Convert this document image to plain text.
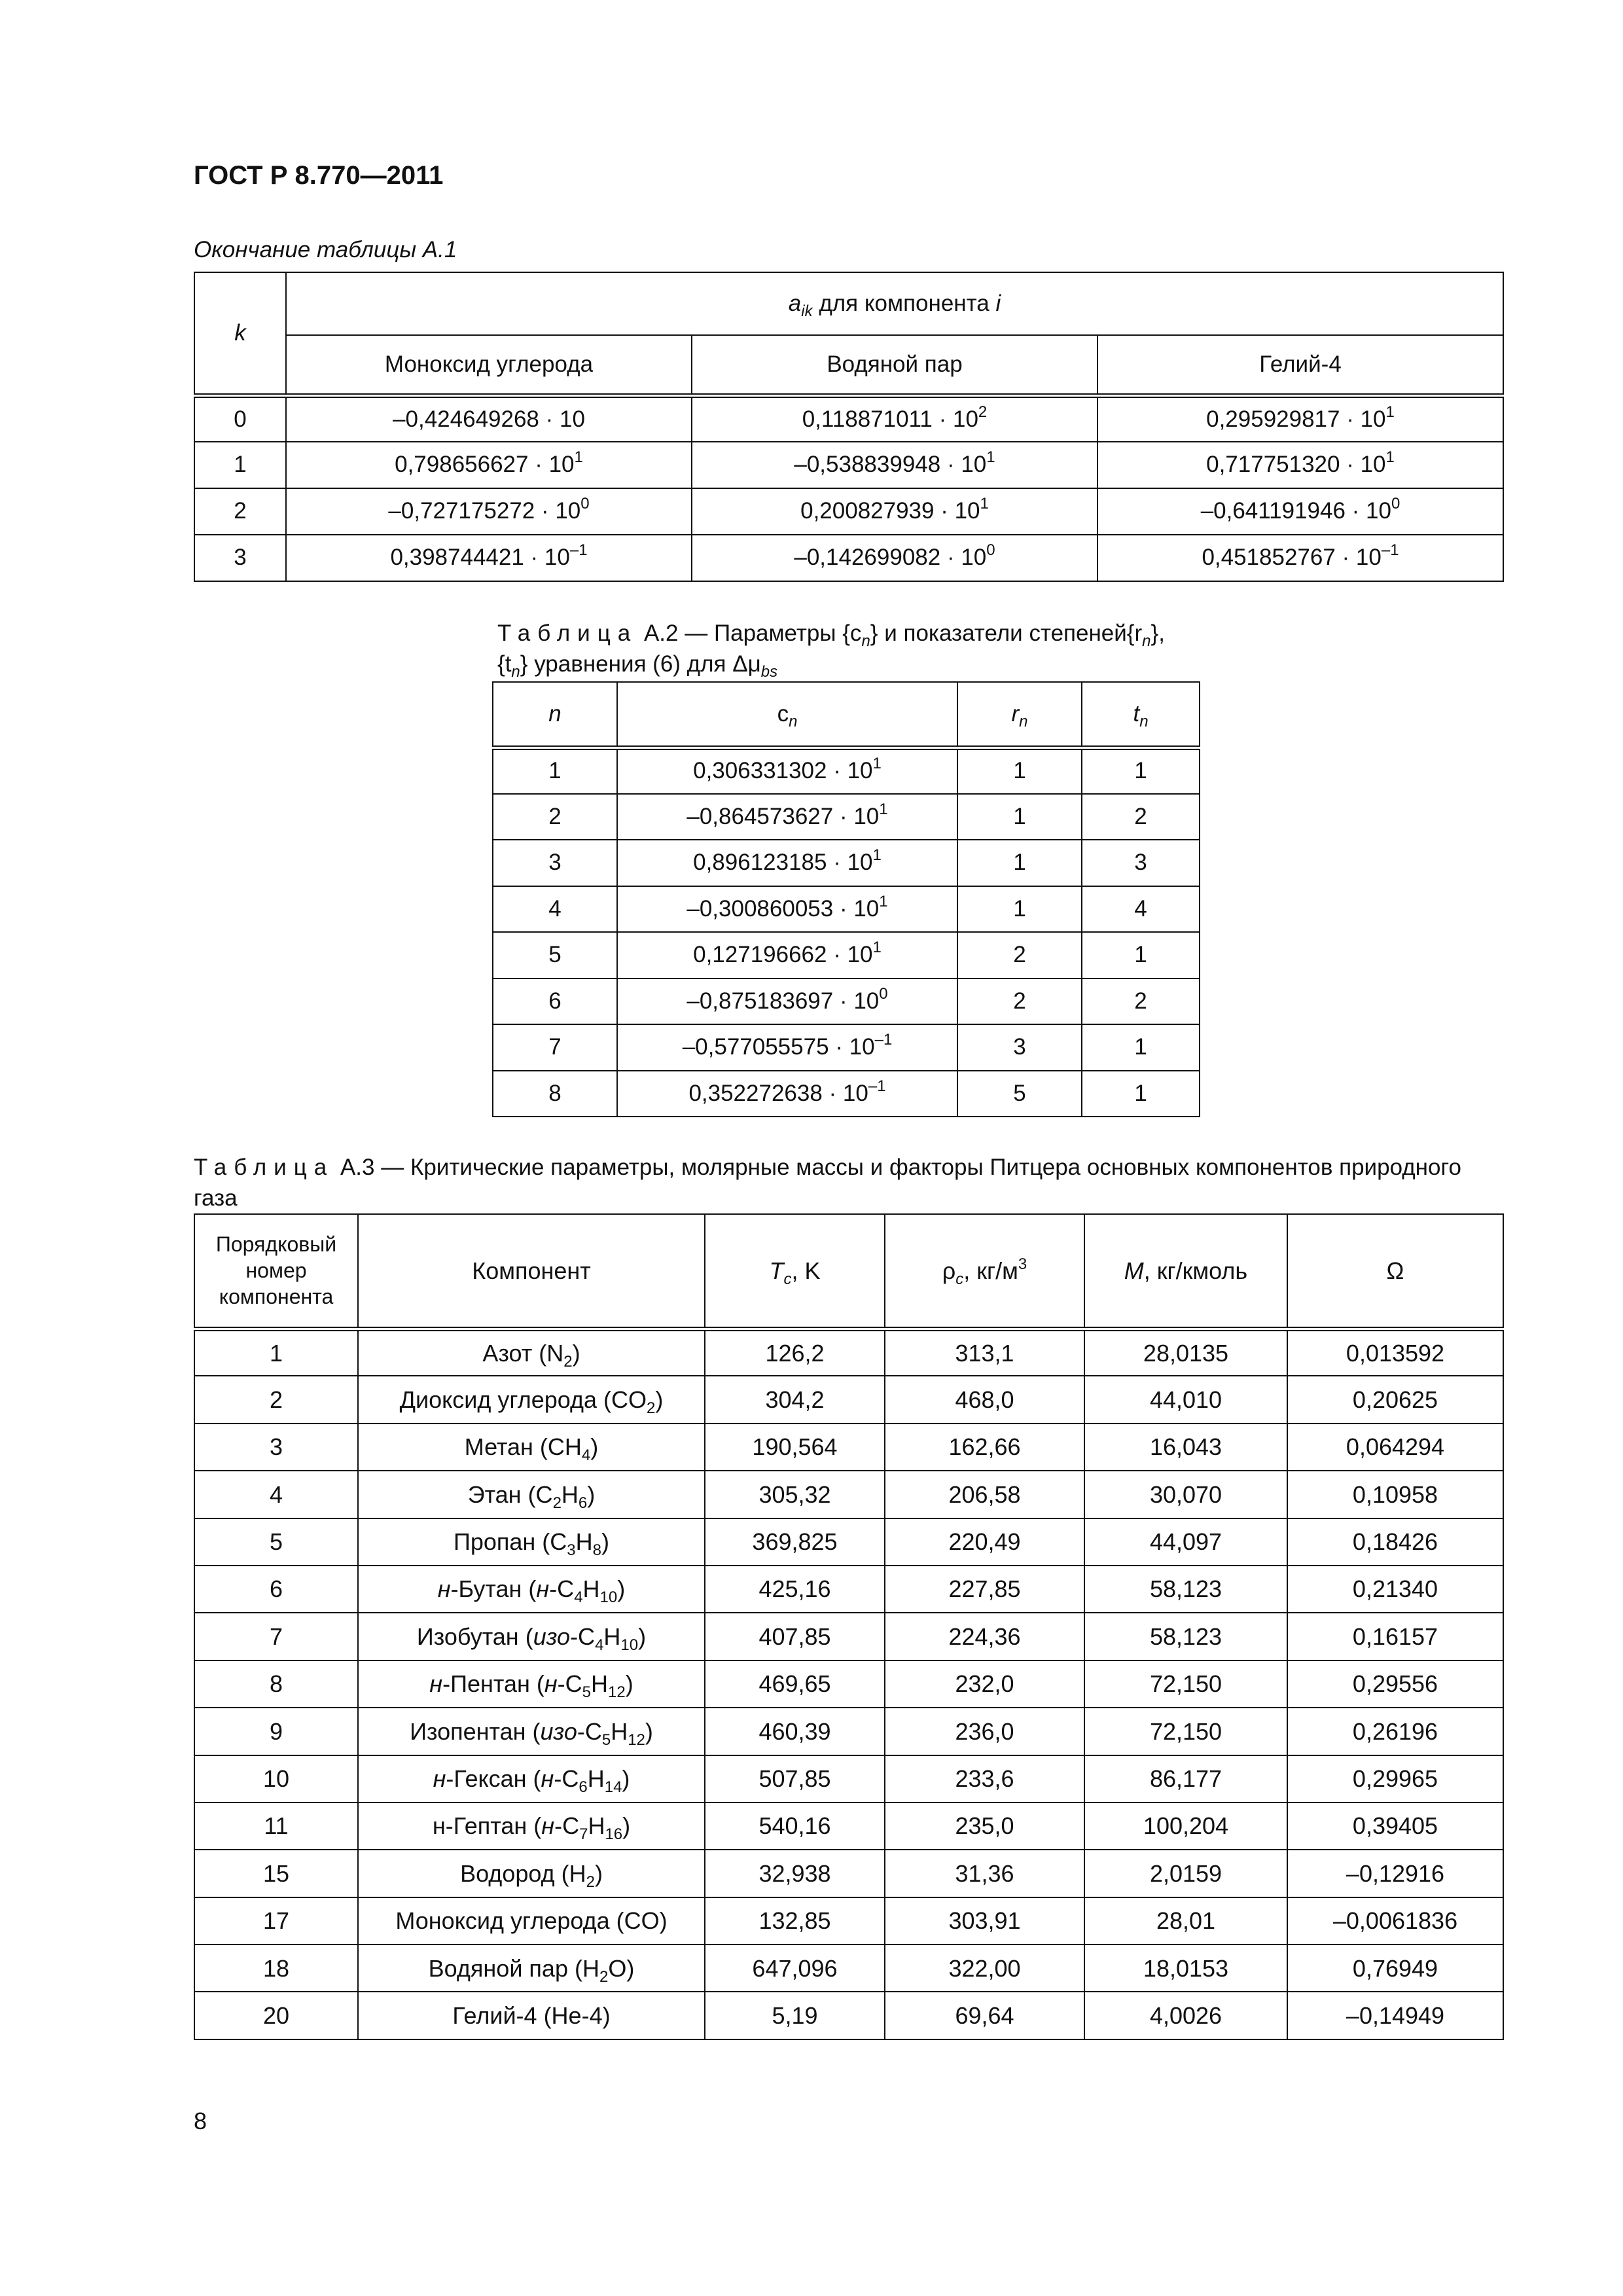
ГОСТ Р 8.770—2011
Окончание таблицы А.1
k	$a_{ik}$ для компонента i		
	Моноксид углерода	Водяной пар	Гелий-4
0	–0,424649268 · 10	$0,118871011 \cdot 10^2$	$0,295929817 \cdot 10^1$
1	$0,798656627 \cdot 10^1$	$-0,538839948 \cdot 10^1$	$0,717751320 \cdot 10^1$
2	$-0,727175272 \cdot 10^0$	$0,200827939 \cdot 10^1$	$-0,641191946 \cdot 10^0$
3	$0,398744421 \cdot 10^{-1}$	$-0,142699082 \cdot 10^0$	$0,451852767 \cdot 10^{-1}$
Таблица А.2 — Параметры $\{c_n\}$ и показатели $степеней\{r_n\}$,
$\{t_n\}$ уравнения (6) для $\Delta\mu_{bs}$
n	$c_n$	$r_n$	$t_n$
1	$0,306331302 \cdot 10^1$	1	1
2	$-0,864573627 \cdot 10^1$	1	2
3	$0,896123185 \cdot 10^1$	1	3
4	$-0,300860053 \cdot 10^1$	1	4
5	$0,127196662 \cdot 10^1$	2	1
6	$-0,875183697 \cdot 10^0$	2	2
7	$-0,577055575 \cdot 10^{-1}$	3	1
8	$0,352272638 \cdot 10^{-1}$	5	1
Таблица А.3 — Критические параметры, молярные массы и факторы Питцера основных компонентов природного газа
Порядковый номер компонента	Компонент	$T_c$, K	$\rho_c$, $кг/м^3$	M, кг/кмоль	Ω
1	Азот $(N_2)$	126,2	313,1	28,0135	0,013592
2	Диоксид углерода $(CO_2)$	304,2	468,0	44,010	0,20625
3	Метан $(CH_4)$	190,564	162,66	16,043	0,064294
4	Этан $(C_2H_6)$	305,32	206,58	30,070	0,10958
5	Пропан $(C_3H_8)$	369,825	220,49	44,097	0,18426
6	н-Бутан $(н-C_4H_{10})$	425,16	227,85	58,123	0,21340
7	Изобутан $(изо-C_4H_{10})$	407,85	224,36	58,123	0,16157
8	н-Пентан $(н-C_5H_{12})$	469,65	232,0	72,150	0,29556
9	Изопентан $(изо-C_5H_{12})$	460,39	236,0	72,150	0,26196
10	н-Гексан $(н-C_6H_{14})$	507,85	233,6	86,177	0,29965
11	н-Гептан $(н-C_7H_{16})$	540,16	235,0	100,204	0,39405
15	Водород $(H_2)$	32,938	31,36	2,0159	–0,12916
17	Моноксид углерода (CO)	132,85	303,91	28,01	–0,0061836
18	Водяной пар $(H_2O)$	647,096	322,00	18,0153	0,76949
20	Гелий-4 (He-4)	5,19	69,64	4,0026	–0,14949
8
